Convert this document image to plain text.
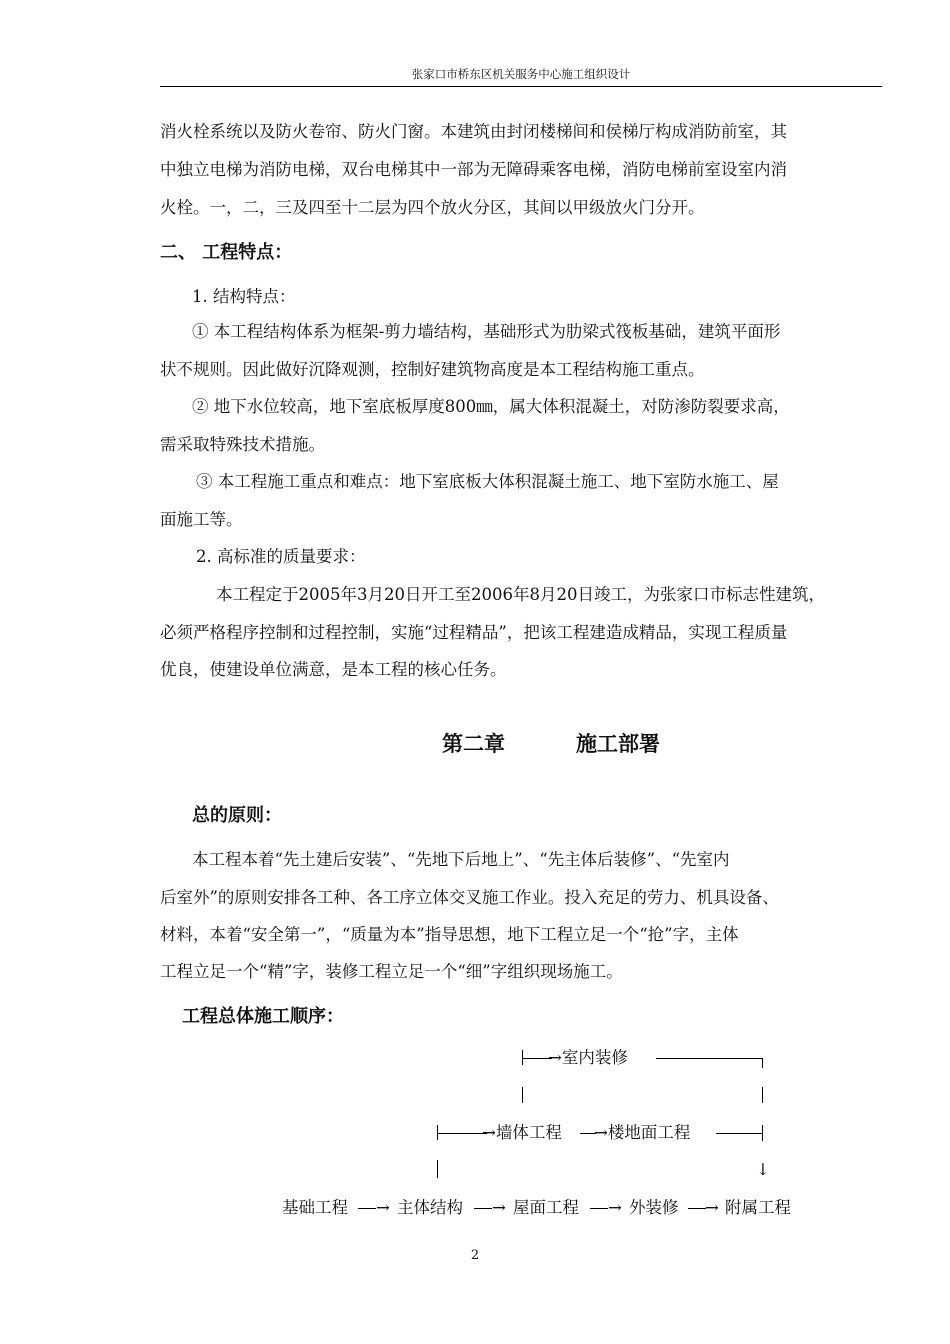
张家口市桥东区机关服务中心施工组织设计
消火栓系统以及防火卷帘、防火门窗。本建筑由封闭楼梯间和侯梯厅构成消防前室，其
中独立电梯为消防电梯，双台电梯其中一部为无障碍乘客电梯，消防电梯前室设室内消
火栓。一，二，三及四至十二层为四个放火分区，其间以甲级放火门分开。
二、 工程特点：
1. 结构特点：
① 本工程结构体系为框架-剪力墙结构，基础形式为肋梁式筏板基础，建筑平面形
状不规则。因此做好沉降观测，控制好建筑物高度是本工程结构施工重点。
② 地下水位较高，地下室底板厚度800㎜，属大体积混凝土，对防渗防裂要求高，
需采取特殊技术措施。
③ 本工程施工重点和难点：地下室底板大体积混凝土施工、地下室防水施工、屋
面施工等。
2. 高标准的质量要求：
本工程定于2005年3月20日开工至2006年8月20日竣工，为张家口市标志性建筑，
必须严格程序控制和过程控制，实施“过程精品”，把该工程建造成精品，实现工程质量
优良，使建设单位满意，是本工程的核心任务。
第二章	施工部署
总的原则：
本工程本着“先土建后安装”、“先地下后地上”、“先主体后装修”、“先室内
后室外”的原则安排各工种、各工序立体交叉施工作业。投入充足的劳力、机具设备、
材料，本着“安全第一”，“质量为本”指导思想，地下工程立足一个“抢”字，主体
工程立足一个“精”字，装修工程立足一个“细”字组织现场施工。
工程总体施工顺序：
→室内装修
→墙体工程 →楼地面工程
↓
基础工程 → 主体结构 → 屋面工程 → 外装修 → 附属工程
2
